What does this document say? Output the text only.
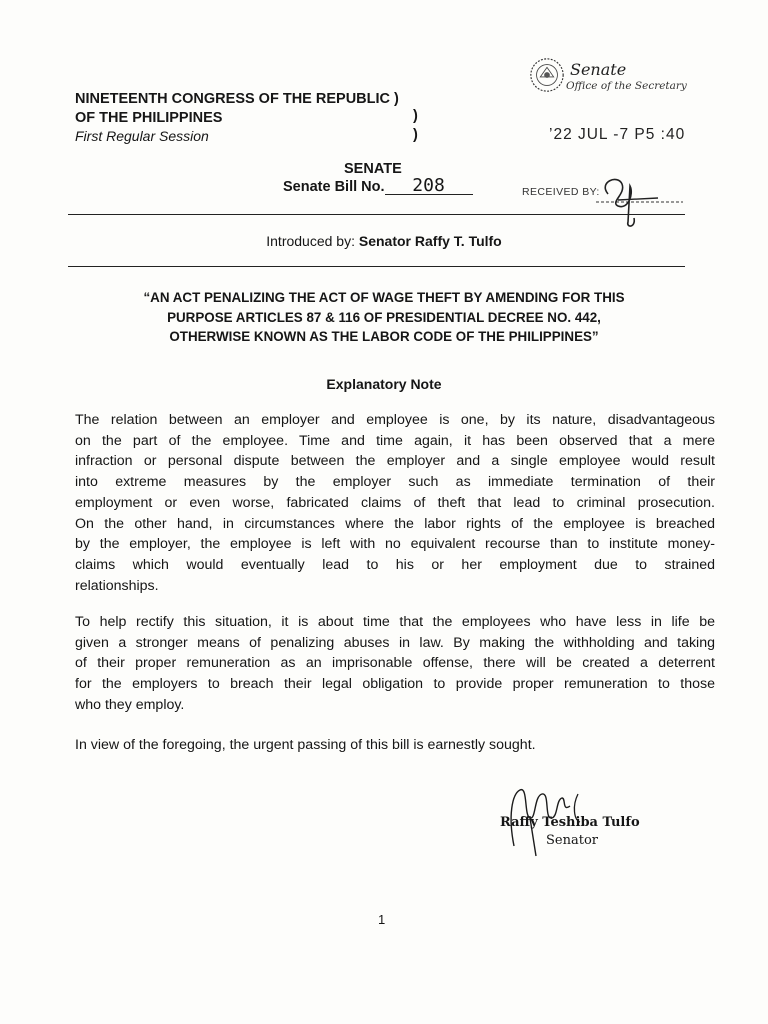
NINETEENTH CONGRESS OF THE REPUBLIC )
OF THE PHILIPPINES	)
)
First Regular Session
Senate
Office of the Secretary
’22 JUL -7 P5 :40
RECEIVED BY:
SENATE
Senate Bill No. 208
Introduced by: Senator Raffy T. Tulfo
“AN ACT PENALIZING THE ACT OF WAGE THEFT BY AMENDING FOR THIS
PURPOSE ARTICLES 87 & 116 OF PRESIDENTIAL DECREE NO. 442,
OTHERWISE KNOWN AS THE LABOR CODE OF THE PHILIPPINES”
Explanatory Note
The relation between an employer and employee is one, by its nature, disadvantageous
on the part of the employee. Time and time again, it has been observed that a mere
infraction or personal dispute between the employer and a single employee would result
into extreme measures by the employer such as immediate termination of their
employment or even worse, fabricated claims of theft that lead to criminal prosecution.
On the other hand, in circumstances where the labor rights of the employee is breached
by the employer, the employee is left with no equivalent recourse than to institute money-
claims which would eventually lead to his or her employment due to strained
relationships.
To help rectify this situation, it is about time that the employees who have less in life be
given a stronger means of penalizing abuses in law. By making the withholding and taking
of their proper remuneration as an imprisonable offense, there will be created a deterrent
for the employers to breach their legal obligation to provide proper remuneration to those
who they employ.
In view of the foregoing, the urgent passing of this bill is earnestly sought.
Raffy Teshiba Tulfo
Senator
1
